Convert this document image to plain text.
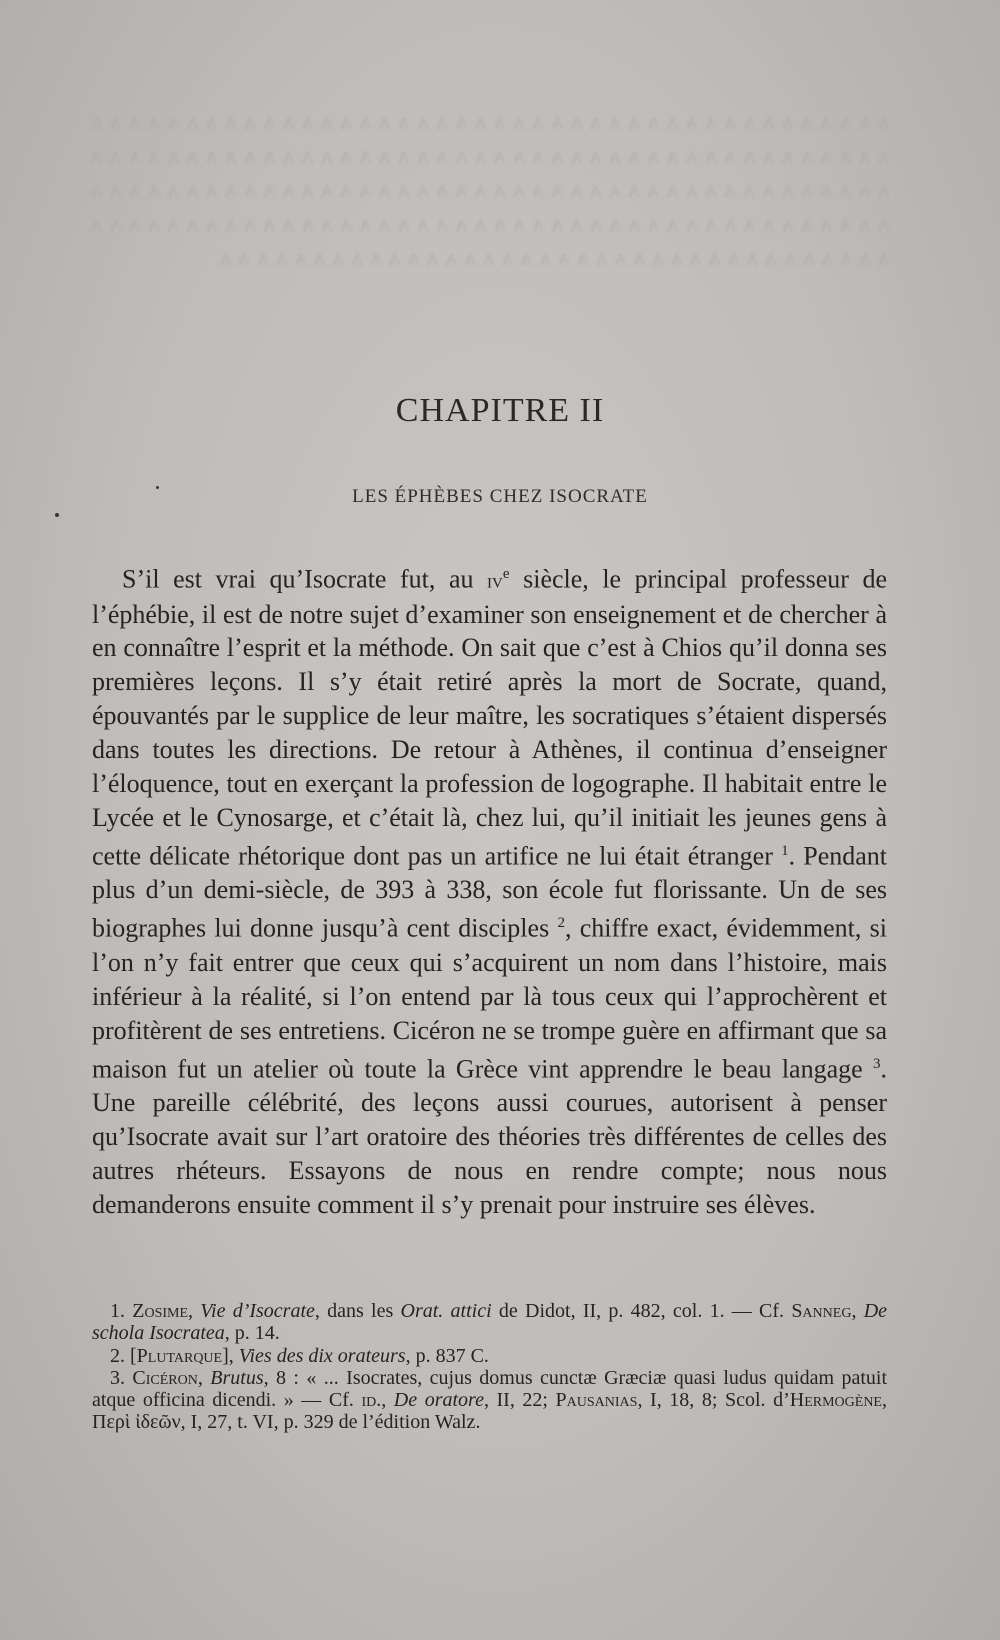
ᴀ ᴀ ᴀ ᴀ ᴀ ᴀ ᴀ ᴀ ᴀ ᴀ ᴀ ᴀ ᴀ ᴀ ᴀ ᴀ ᴀ ᴀ ᴀ ᴀ ᴀ ᴀ ᴀ ᴀ ᴀ ᴀ ᴀ ᴀ ᴀ ᴀ ᴀ ᴀ ᴀ ᴀ ᴀ ᴀ ᴀ ᴀ ᴀ ᴀ ᴀ ᴀ ᴀ ᴀ ᴀ ᴀ ᴀ ᴀ ᴀ ᴀ ᴀ ᴀ ᴀ ᴀ ᴀ ᴀ ᴀ ᴀ ᴀ ᴀ ᴀ ᴀ ᴀ ᴀ ᴀ ᴀ ᴀ ᴀ ᴀ ᴀ ᴀ ᴀ ᴀ ᴀ ᴀ ᴀ ᴀ ᴀ ᴀ ᴀ ᴀ ᴀ ᴀ ᴀ ᴀ ᴀ ᴀ ᴀ ᴀ ᴀ ᴀ ᴀ ᴀ ᴀ ᴀ ᴀ ᴀ ᴀ ᴀ ᴀ ᴀ ᴀ ᴀ ᴀ ᴀ ᴀ ᴀ ᴀ ᴀ ᴀ ᴀ ᴀ ᴀ ᴀ ᴀ ᴀ ᴀ ᴀ ᴀ ᴀ ᴀ ᴀ ᴀ ᴀ ᴀ ᴀ ᴀ ᴀ ᴀ ᴀ ᴀ ᴀ ᴀ ᴀ ᴀ ᴀ ᴀ ᴀ ᴀ ᴀ ᴀ ᴀ ᴀ ᴀ ᴀ ᴀ ᴀ ᴀ ᴀ ᴀ ᴀ ᴀ ᴀ ᴀ ᴀ ᴀ ᴀ ᴀ ᴀ ᴀ ᴀ ᴀ ᴀ ᴀ ᴀ ᴀ ᴀ ᴀ ᴀ ᴀ ᴀ ᴀ ᴀ ᴀ ᴀ ᴀ ᴀ ᴀ ᴀ ᴀ ᴀ ᴀ ᴀ ᴀ ᴀ ᴀ ᴀ ᴀ ᴀ ᴀ ᴀ ᴀ ᴀ ᴀ ᴀ ᴀ ᴀ ᴀ ᴀ ᴀ ᴀ ᴀ ᴀ ᴀ
CHAPITRE II
LES ÉPHÈBES CHEZ ISOCRATE

S’il est vrai qu’Isocrate fut, au $iv^e$ siècle, le principal professeur de l’éphébie, il est de notre sujet d’examiner son enseignement et de chercher à en connaître l’esprit et la méthode. On sait que c’est à Chios qu’il donna ses premières leçons. Il s’y était retiré après la mort de Socrate, quand, épouvantés par le supplice de leur maître, les socratiques s’étaient dispersés dans toutes les directions. De retour à Athènes, il continua d’enseigner l’éloquence, tout en exerçant la profession de logographe. Il habitait entre le Lycée et le Cynosarge, et c’était là, chez lui, qu’il initiait les jeunes gens à cette délicate rhétorique dont pas un artifice ne lui était étranger $^1$. Pendant plus d’un demi-siècle, de 393 à 338, son école fut florissante. Un de ses biographes lui donne jusqu’à cent disciples $^2$, chiffre exact, évidemment, si l’on n’y fait entrer que ceux qui s’acquirent un nom dans l’histoire, mais inférieur à la réalité, si l’on entend par là tous ceux qui l’approchèrent et profitèrent de ses entretiens. Cicéron ne se trompe guère en affirmant que sa maison fut un atelier où toute la Grèce vint apprendre le beau langage $^3$. Une pareille célébrité, des leçons aussi courues, autorisent à penser qu’Isocrate avait sur l’art oratoire des théories très différentes de celles des autres rhéteurs. Essayons de nous en rendre compte; nous nous demanderons ensuite comment il s’y prenait pour instruire ses élèves.

1. Zosime, Vie d’Isocrate, dans les Orat. attici de Didot, II, p. 482, col. 1. — Cf. Sanneg, De schola Isocratea, p. 14.

2. [Plutarque], Vies des dix orateurs, p. 837 C.

3. Cicéron, Brutus, 8 : « ... Isocrates, cujus domus cunctæ Græciæ quasi ludus quidam patuit atque officina dicendi. » — Cf. id., De oratore, II, 22; Pausanias, I, 18, 8; Scol. d’Hermogène, Περὶ ἰδεῶν, I, 27, t. VI, p. 329 de l’édition Walz.
